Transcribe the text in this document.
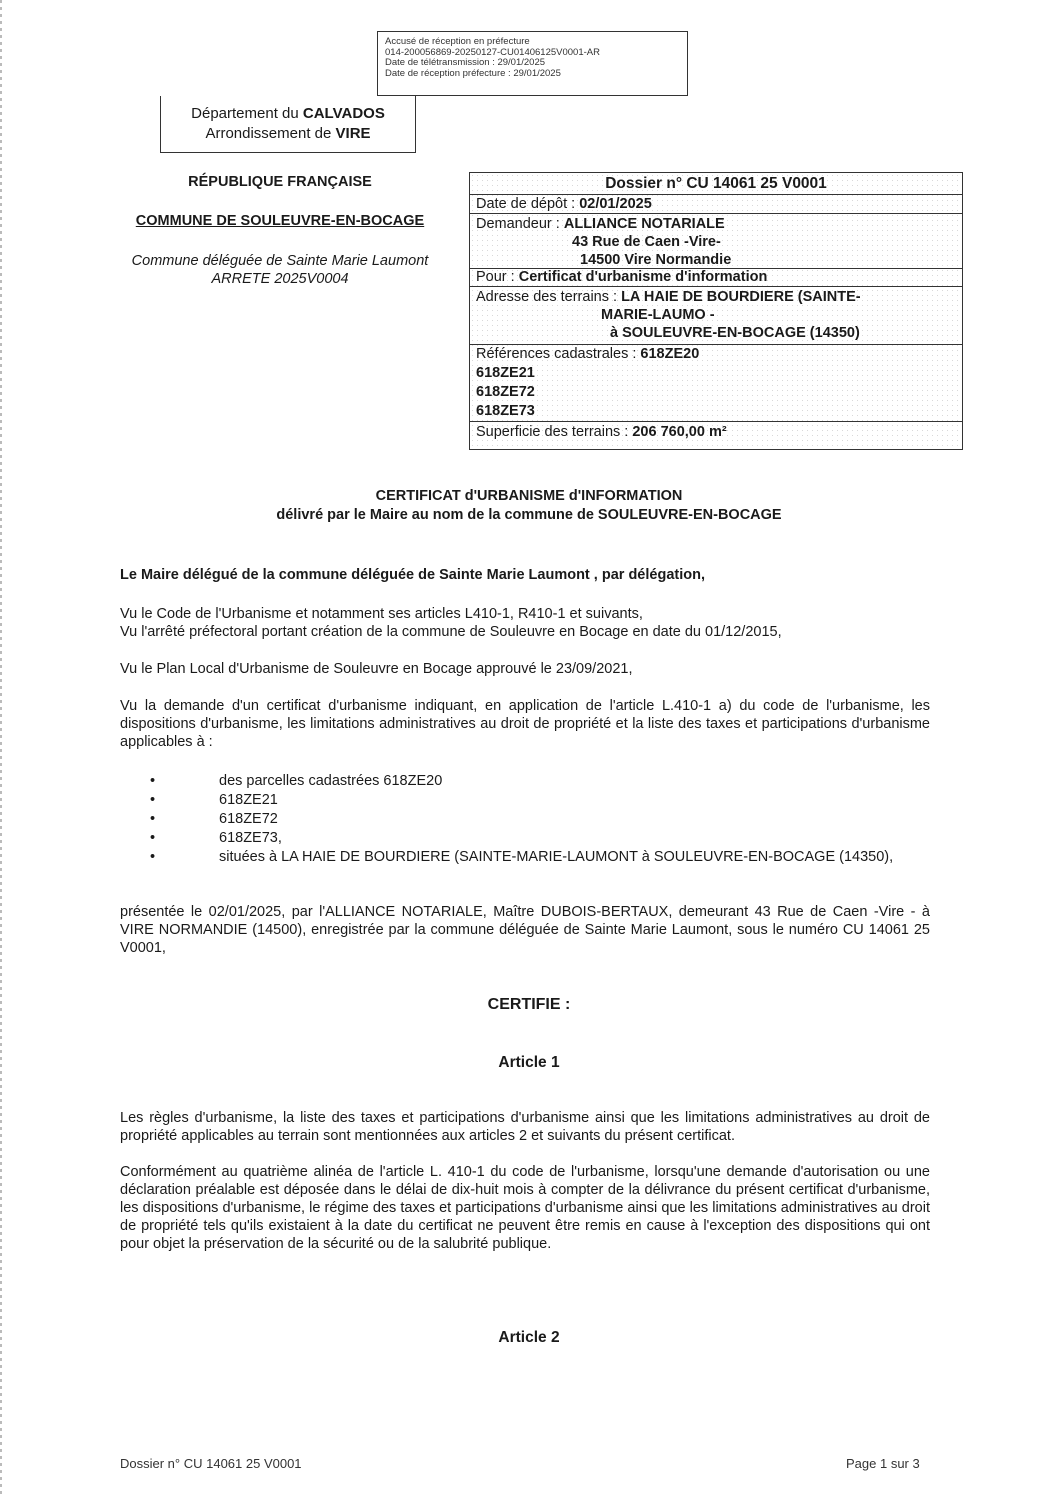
Accusé de réception en préfecture
014-200056869-20250127-CU01406125V0001-AR
Date de télétransmission : 29/01/2025
Date de réception préfecture : 29/01/2025
Département du CALVADOS
Arrondissement de VIRE
RÉPUBLIQUE FRANÇAISE
COMMUNE DE SOULEUVRE-EN-BOCAGE
Commune déléguée de Sainte Marie Laumont
ARRETE 2025V0004
Dossier n° CU 14061 25 V0001
Date de dépôt : 02/01/2025
Demandeur : ALLIANCE NOTARIALE
43 Rue de Caen -Vire-
14500 Vire Normandie
Pour : Certificat d'urbanisme d'information
Adresse des terrains : LA HAIE DE BOURDIERE (SAINTE-
MARIE-LAUMO -
à SOULEUVRE-EN-BOCAGE (14350)
Références cadastrales : 618ZE20
618ZE21
618ZE72
618ZE73
Superficie des terrains : 206 760,00 m²
CERTIFICAT d'URBANISME d'INFORMATION
délivré par le Maire au nom de la commune de SOULEUVRE-EN-BOCAGE
Le Maire délégué de la commune déléguée de Sainte Marie Laumont , par délégation,
Vu le Code de l'Urbanisme et notamment ses articles L410-1, R410-1 et suivants,
Vu l'arrêté préfectoral portant création de la commune de Souleuvre en Bocage en date du 01/12/2015,
Vu le Plan Local d'Urbanisme de Souleuvre en Bocage approuvé le 23/09/2021,
Vu la demande d'un certificat d'urbanisme indiquant, en application de l'article L.410-1 a) du code de l'urbanisme, les dispositions d'urbanisme, les limitations administratives au droit de propriété et la liste des taxes et participations d'urbanisme applicables à :
•	des parcelles cadastrées 618ZE20
•	618ZE21
•	618ZE72
•	618ZE73,
•	situées à LA HAIE DE BOURDIERE (SAINTE-MARIE-LAUMONT à SOULEUVRE-EN-BOCAGE (14350),
présentée le 02/01/2025, par l'ALLIANCE NOTARIALE, Maître DUBOIS-BERTAUX, demeurant 43 Rue de Caen -Vire - à VIRE NORMANDIE (14500), enregistrée par la commune déléguée de Sainte Marie Laumont, sous le numéro CU 14061 25 V0001,
CERTIFIE :
Article 1
Les règles d'urbanisme, la liste des taxes et participations d'urbanisme ainsi que les limitations administratives au droit de propriété applicables au terrain sont mentionnées aux articles 2 et suivants du présent certificat.
Conformément au quatrième alinéa de l'article L. 410-1 du code de l'urbanisme, lorsqu'une demande d'autorisation ou une déclaration préalable est déposée dans le délai de dix-huit mois à compter de la délivrance du présent certificat d'urbanisme, les dispositions d'urbanisme, le régime des taxes et participations d'urbanisme ainsi que les limitations administratives au droit de propriété tels qu'ils existaient à la date du certificat ne peuvent être remis en cause à l'exception des dispositions qui ont pour objet la préservation de la sécurité ou de la salubrité publique.
Article 2
Dossier n° CU 14061 25 V0001	Page 1 sur 3
